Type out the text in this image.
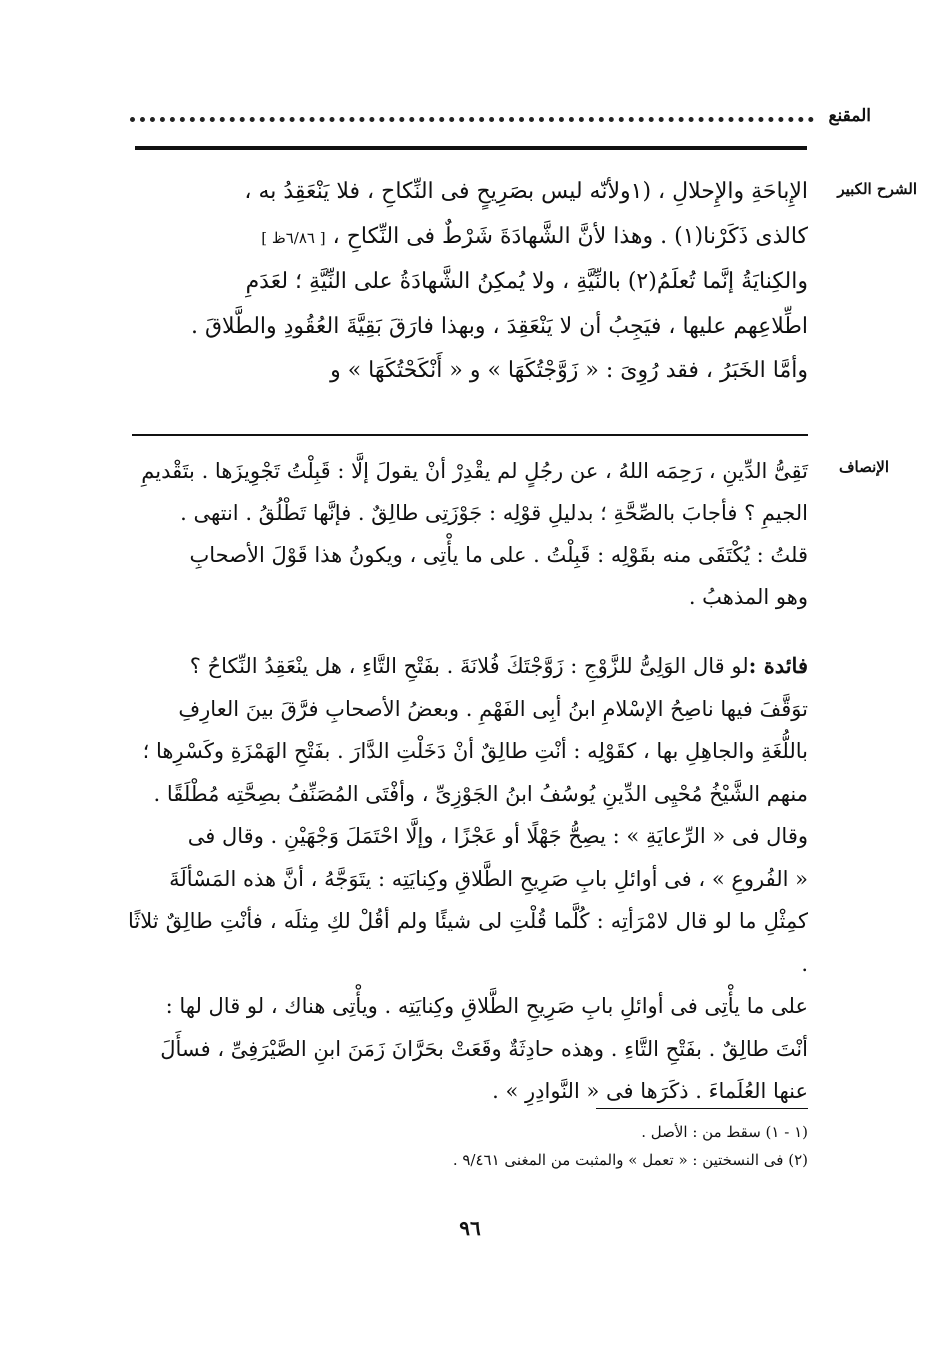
المقنع
الشرح الكبير
الإِباحَةِ والإِحلالِ ، (١ولأنّه ليس بصَرِيحٍ فى النِّكاحِ ، فلا يَنْعَقِدُ به ،
كالذى ذَكَرْنا(١) . وهذا لأنَّ الشَّهادَةَ شَرْطٌ فى النِّكاحِ ، [ ٦/٨٦ظ ]
والكِنايَةُ إنَّما تُعلَمُ(٢) بالنِّيَّةِ ، ولا يُمكِنُ الشَّهادَةُ على النِّيَّةِ ؛ لعَدَمِ
اطِّلاعِهم عليها ، فيَجِبُ أن لا يَنْعَقِدَ ، وبهذا فارَقَ بَقِيَّةَ العُقُودِ والطَّلاقَ .
وأمَّا الخَبَرُ ، فقد رُوِىَ : « زَوَّجْتُكَهَا » و « أَنْكَحْتُكَهَا » و
الإنصاف
تَقِىُّ الدِّينِ ، رَحِمَه اللهُ ، عن رجُلٍ لم يقْدِرْ أنْ يقولَ إلَّا : قَبِلْتُ تَجْوِيزَها . بتَقْديمِ
الجيمِ ؟ فأجابَ بالصِّحَّةِ ؛ بدليلِ قوْلِه : جَوْزَتِى طالِقٌ . فإنَّها تَطْلُقُ . انتهى .
قلتُ : يُكْتَفَى منه بقَوْلِه : قَبِلْتُ . على ما يأْتِى ، ويكونُ هذا قَوْلَ الأصحابِ
وهو المذهبُ .
فائدة :لو قال الوَلِىُّ للزَّوْجِ : زَوَّجْتَكَ فُلانَةَ . بفَتْحِ التَّاءِ ، هل ينْعَقِدُ النِّكاحُ ؟
توَقَّفَ فيها ناصِحُ الإسْلامِ ابنُ أبِى الفَهْمِ . وبعضُ الأصحابِ فرَّقَ بينَ العارِفِ
باللُّغَةِ والجاهِلِ بها ، كقَوْلِه : أنْتِ طالِقٌ أنْ دَخَلْتِ الدَّارَ . بفَتْحِ الهَمْزَةِ وكَسْرِها ؛
منهم الشَّيْخُ مُحْيِى الدِّينِ يُوسُفُ ابنُ الجَوْزِىِّ ، وأفْتَى المُصَنِّفُ بصِحَّتِه مُطْلَقًا .
وقال فى « الرِّعايَةِ » : يصِحُّ جَهْلًا أو عَجْزًا ، وإلَّا احْتَمَلَ وَجْهَيْنِ . وقال فى
« الفُروعِ » ، فى أوائلِ بابِ صَرِيحِ الطَّلاقِ وكِنايَتِه : يتَوَجَّهُ ، أنَّ هذه المَسْألَةَ
كمِثْلِ ما لو قال لامْرَأتِه : كُلَّما قُلْتِ لى شيئًا ولم أقُلْ لكِ مِثلَه ، فأنْتِ طالِقٌ ثلاثًا .
على ما يأْتِى فى أوائلِ بابِ صَرِيحِ الطَّلاقِ وكِنايَتِه . ويأْتِى هناك ، لو قال لها :
أنْتَ طالِقٌ . بفَتْحِ التَّاءِ . وهذه حادِثَةٌ وقَعَتْ بحَرَّانَ زَمَنَ ابنِ الصَّيْرَفِىِّ ، فسأَلَ
عنها العُلَماءَ . ذكَرَها فى « النَّوادِرِ » .
(١ - ١) سقط من : الأصل .
(٢) فى النسختين : « تعمل » والمثبت من المغنى ٩/٤٦١ .
٩٦
